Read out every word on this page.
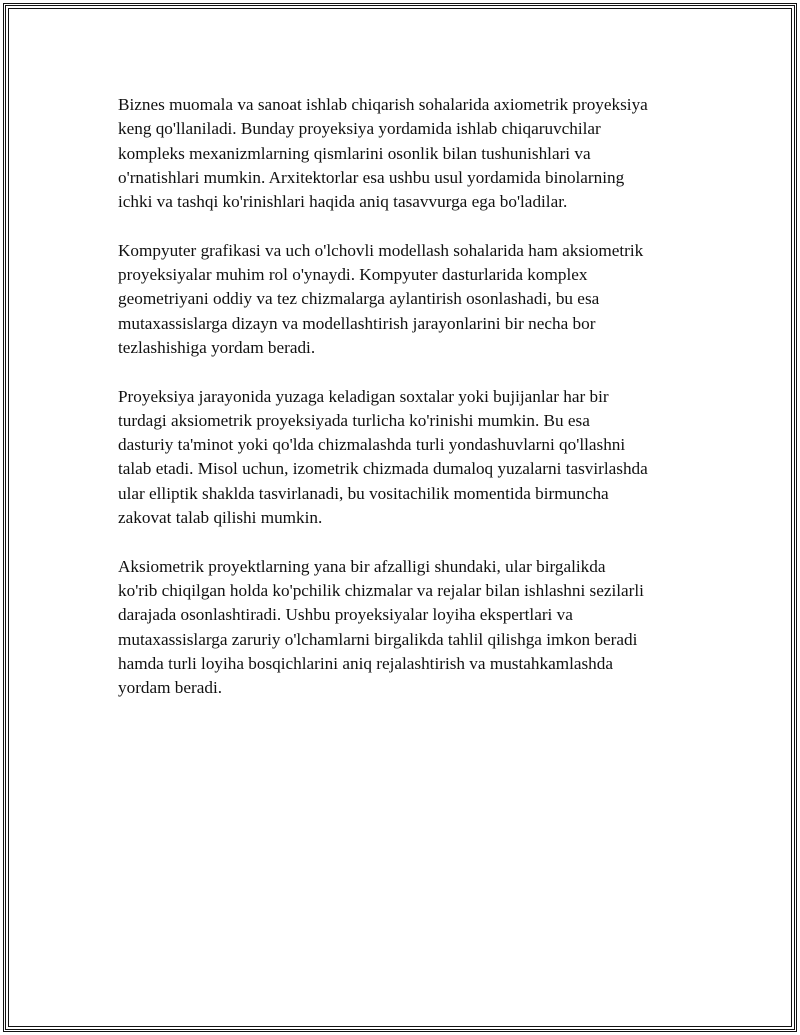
Biznes muomala va sanoat ishlab chiqarish sohalarida axiometrik proyeksiya
keng qo'llaniladi. Bunday proyeksiya yordamida ishlab chiqaruvchilar
kompleks mexanizmlarning qismlarini osonlik bilan tushunishlari va
o'rnatishlari mumkin. Arxitektorlar esa ushbu usul yordamida binolarning
ichki va tashqi ko'rinishlari haqida aniq tasavvurga ega bo'ladilar.

Kompyuter grafikasi va uch o'lchovli modellash sohalarida ham aksiometrik
proyeksiyalar muhim rol o'ynaydi. Kompyuter dasturlarida komplex
geometriyani oddiy va tez chizmalarga aylantirish osonlashadi, bu esa
mutaxassislarga dizayn va modellashtirish jarayonlarini bir necha bor
tezlashishiga yordam beradi.

Proyeksiya jarayonida yuzaga keladigan soxtalar yoki bujijanlar har bir
turdagi aksiometrik proyeksiyada turlicha ko'rinishi mumkin. Bu esa
dasturiy ta'minot yoki qo'lda chizmalashda turli yondashuvlarni qo'llashni
talab etadi. Misol uchun, izometrik chizmada dumaloq yuzalarni tasvirlashda
ular elliptik shaklda tasvirlanadi, bu vositachilik momentida birmuncha
zakovat talab qilishi mumkin.

Aksiometrik proyektlarning yana bir afzalligi shundaki, ular birgalikda
ko'rib chiqilgan holda ko'pchilik chizmalar va rejalar bilan ishlashni sezilarli
darajada osonlashtiradi. Ushbu proyeksiyalar loyiha ekspertlari va
mutaxassislarga zaruriy o'lchamlarni birgalikda tahlil qilishga imkon beradi
hamda turli loyiha bosqichlarini aniq rejalashtirish va mustahkamlashda
yordam beradi.
